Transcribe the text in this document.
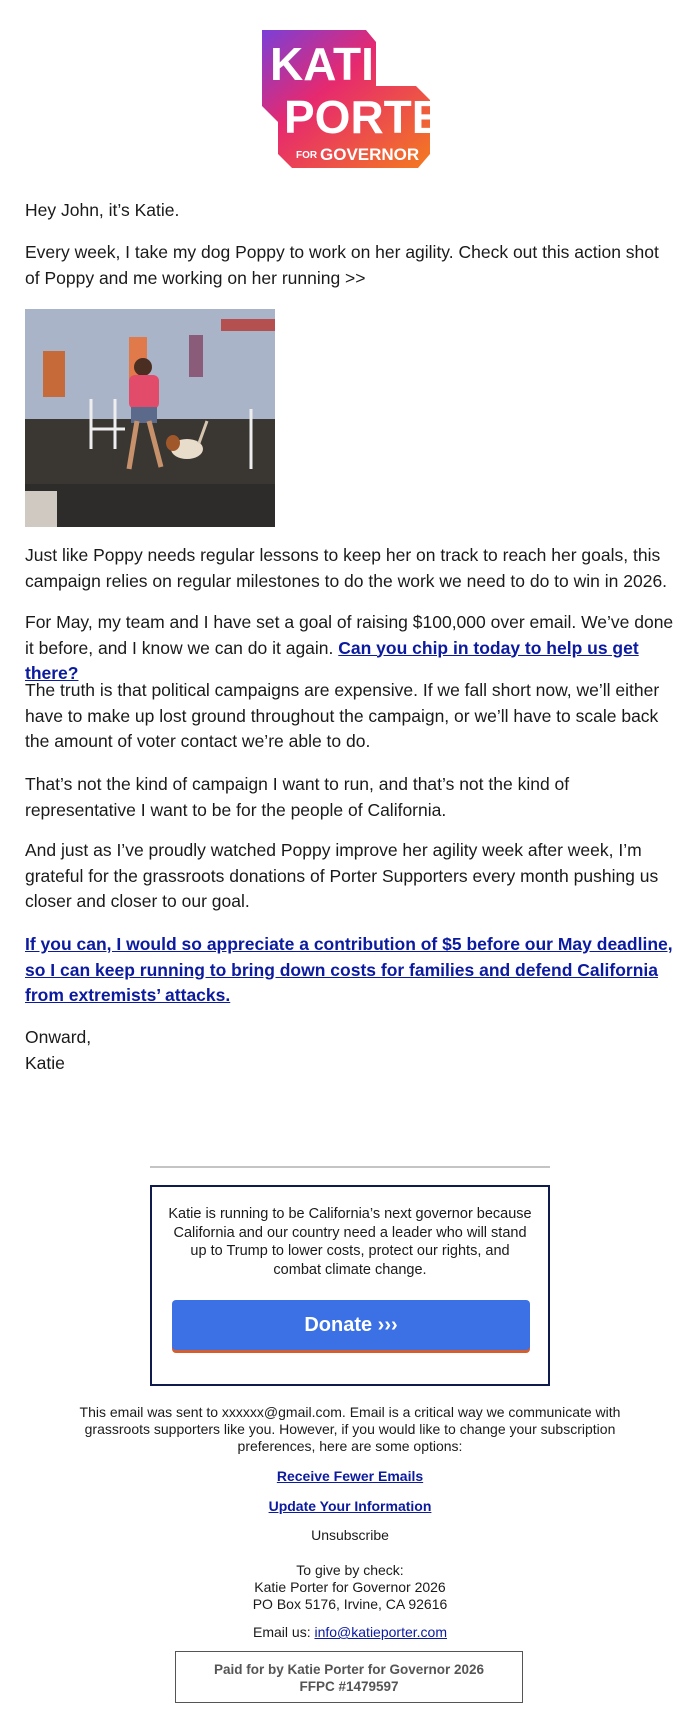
KATIE
PORTER
FOR GOVERNOR

Hey John, it’s Katie.

Every week, I take my dog Poppy to work on her agility. Check out this action shot of Poppy and me working on her running >>

Just like Poppy needs regular lessons to keep her on track to reach her goals, this campaign relies on regular milestones to do the work we need to do to win in 2026.

For May, my team and I have set a goal of raising $100,000 over email. We’ve done it before, and I know we can do it again. Can you chip in today to help us get there?

The truth is that political campaigns are expensive. If we fall short now, we’ll either have to make up lost ground throughout the campaign, or we’ll have to scale back the amount of voter contact we’re able to do.

That’s not the kind of campaign I want to run, and that’s not the kind of representative I want to be for the people of California.

And just as I’ve proudly watched Poppy improve her agility week after week, I’m grateful for the grassroots donations of Porter Supporters every month pushing us closer and closer to our goal.

If you can, I would so appreciate a contribution of $5 before our May deadline, so I can keep running to bring down costs for families and defend California from extremists’ attacks.

Onward,

Katie

Katie is running to be California’s next governor because California and our country need a leader who will stand up to Trump to lower costs, protect our rights, and combat climate change.
Donate ›››
This email was sent to xxxxxx@gmail.com. Email is a critical way we communicate with grassroots supporters like you. However, if you would like to change your subscription preferences, here are some options:
Receive Fewer Emails
Update Your Information
Unsubscribe
To give by check:
Katie Porter for Governor 2026
PO Box 5176, Irvine, CA 92616
Email us: info@katieporter.com
Paid for by Katie Porter for Governor 2026
FFPC #1479597
